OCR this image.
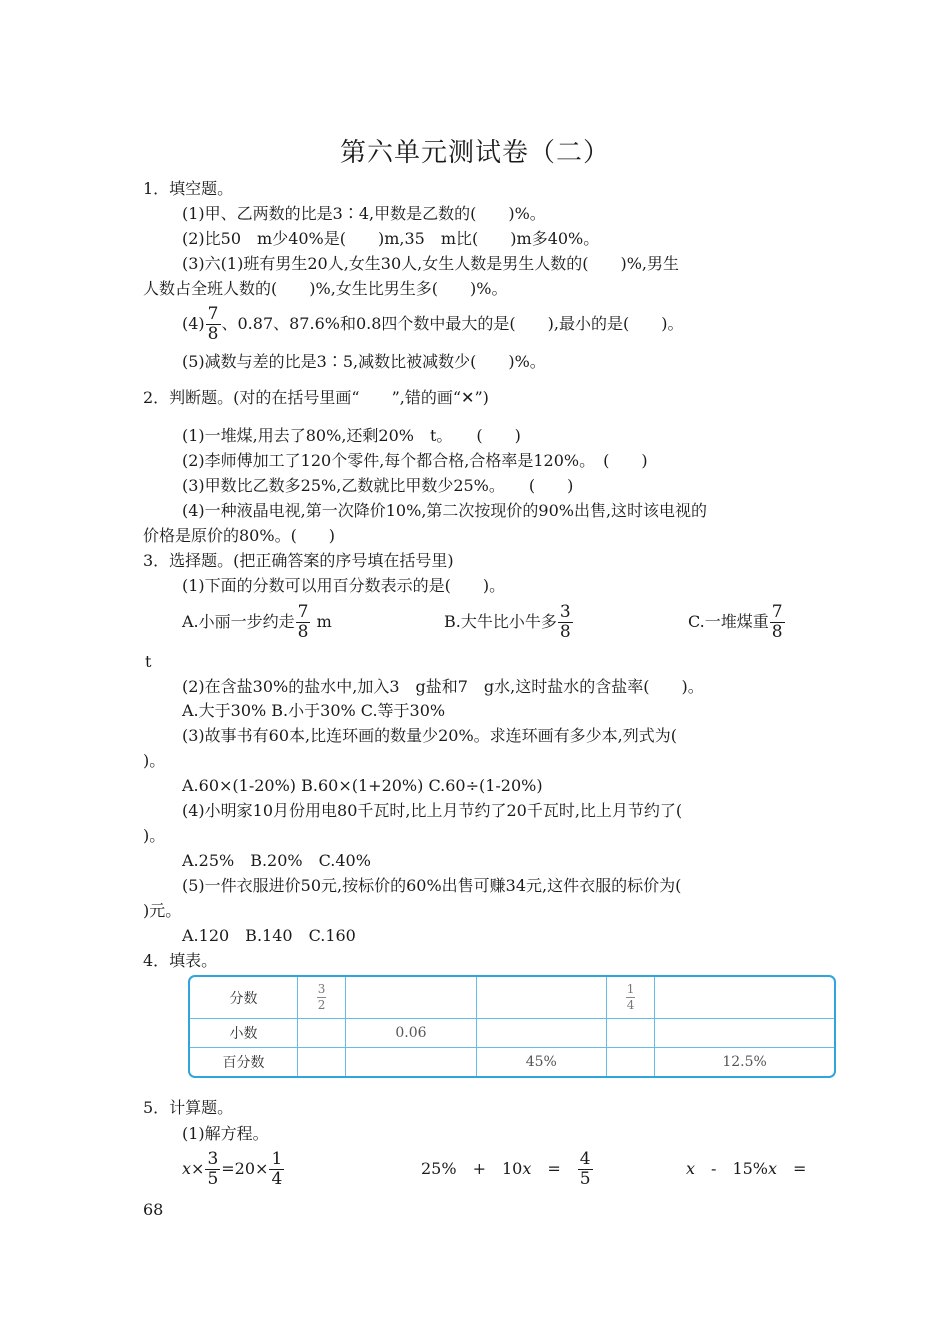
第六单元测试卷（二）
1．填空题。
(1)甲、乙两数的比是3∶4,甲数是乙数的(　　)%。
(2)比50　m少40%是(　　)m,35　m比(　　)m多40%。
(3)六(1)班有男生20人,女生30人,女生人数是男生人数的(　　)%,男生
人数占全班人数的(　　)%,女生比男生多(　　)%。
$(4) \frac{7}{8}$ 、0.87、87.6%和0.8四个数中最大的是(　　),最小的是(　　)。
(5)减数与差的比是3∶5,减数比被减数少(　　)%。
2．判断题。(对的在括号里画“　　”,错的画“✕”)
(1)一堆煤,用去了80%,还剩20%　t。　　(　　)
(2)李师傅加工了120个零件,每个都合格,合格率是120%。　(　　)
(3)甲数比乙数多25%,乙数就比甲数少25%。　　(　　)
(4)一种液晶电视,第一次降价10%,第二次按现价的90%出售,这时该电视的
价格是原价的80%。(　　)
3．选择题。(把正确答案的序号填在括号里)
(1)下面的分数可以用百分数表示的是(　　)。
A.小丽一步约走 $\frac{7}{8}$ m	B.大牛比小牛多 $\frac{3}{8}$	C.一堆煤重 $\frac{7}{8}$
t
(2)在含盐30%的盐水中,加入3　g盐和7　g水,这时盐水的含盐率(　　)。
A.大于30% B.小于30% C.等于30%
(3)故事书有60本,比连环画的数量少20%。求连环画有多少本,列式为(
)。
A.60×(1-20%) B.60×(1+20%) C.60÷(1-20%)
(4)小明家10月份用电80千瓦时,比上月节约了20千瓦时,比上月节约了(
)。
A.25%　B.20%　C.40%
(5)一件衣服进价50元,按标价的60%出售可赚34元,这件衣服的标价为(
)元。
A.120　B.140　C.160
4．填表。
分数	$\frac{3}{2}$			$\frac{1}{4}$

小数		0.06			
百分数			45%		12.5%
5．计算题。
(1)解方程。
$x\times \frac{3}{5} =20\times \frac{1}{4}$	25%　+　10x　=　 $\frac{4}{5}$	x　-　15%x　=
68
